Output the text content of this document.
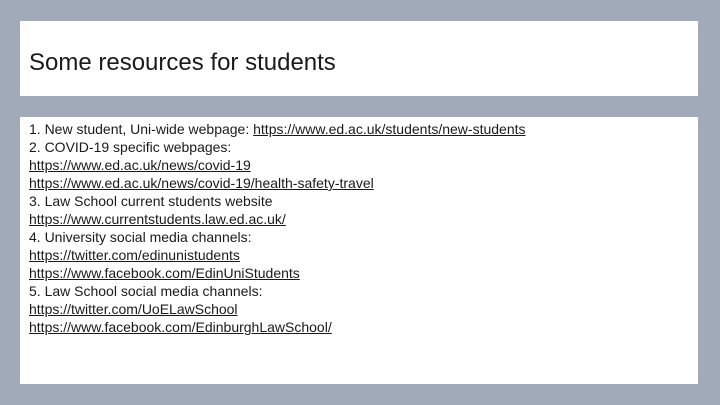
Some resources for students
1. New student, Uni-wide webpage: https://www.ed.ac.uk/students/new-students
2. COVID-19 specific webpages:
https://www.ed.ac.uk/news/covid-19
https://www.ed.ac.uk/news/covid-19/health-safety-travel
3. Law School current students website
https://www.currentstudents.law.ed.ac.uk/
4. University social media channels:
https://twitter.com/edinunistudents
https://www.facebook.com/EdinUniStudents
5. Law School social media channels:
https://twitter.com/UoELawSchool
https://www.facebook.com/EdinburghLawSchool/
